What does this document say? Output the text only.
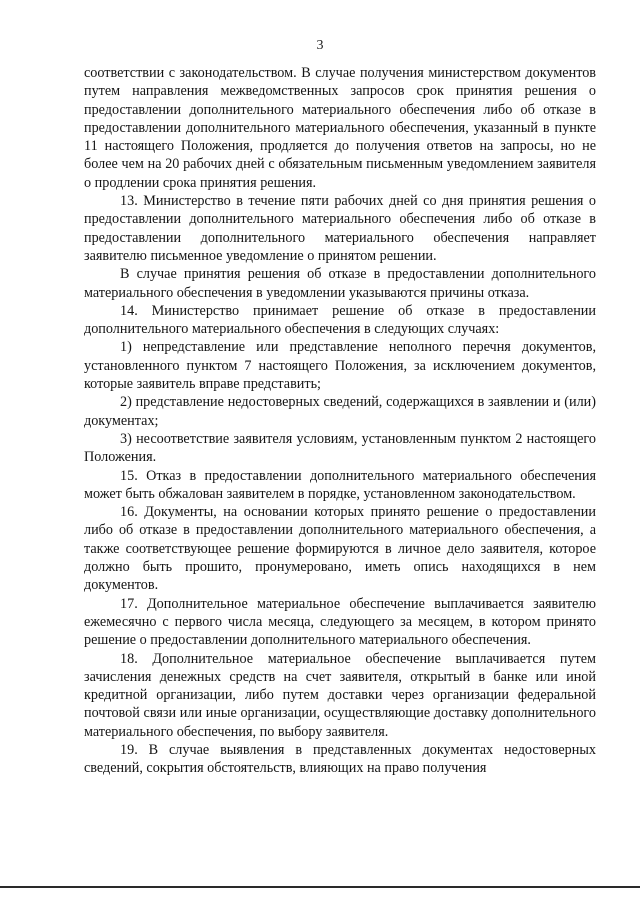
3

соответствии с законодательством. В случае получения министерством документов путем направления межведомственных запросов срок принятия решения о предоставлении дополнительного материального обеспечения либо об отказе в предоставлении дополнительного материального обеспечения, указанный в пункте 11 настоящего Положения, продляется до получения ответов на запросы, но не более чем на 20 рабочих дней с обязательным письменным уведомлением заявителя о продлении срока принятия решения.

13. Министерство в течение пяти рабочих дней со дня принятия решения о предоставлении дополнительного материального обеспечения либо об отказе в предоставлении дополнительного материального обеспечения направляет заявителю письменное уведомление о принятом решении.

В случае принятия решения об отказе в предоставлении дополнительного материального обеспечения в уведомлении указываются причины отказа.

14. Министерство принимает решение об отказе в предоставлении дополнительного материального обеспечения в следующих случаях:

1) непредставление или представление неполного перечня документов, установленного пунктом 7 настоящего Положения, за исключением документов, которые заявитель вправе представить;

2) представление недостоверных сведений, содержащихся в заявлении и (или) документах;

3) несоответствие заявителя условиям, установленным пунктом 2 настоящего Положения.

15. Отказ в предоставлении дополнительного материального обеспечения может быть обжалован заявителем в порядке, установленном законодательством.

16. Документы, на основании которых принято решение о предоставлении либо об отказе в предоставлении дополнительного материального обеспечения, а также соответствующее решение формируются в личное дело заявителя, которое должно быть прошито, пронумеровано, иметь опись находящихся в нем документов.

17. Дополнительное материальное обеспечение выплачивается заявителю ежемесячно с первого числа месяца, следующего за месяцем, в котором принято решение о предоставлении дополнительного материального обеспечения.

18. Дополнительное материальное обеспечение выплачивается путем зачисления денежных средств на счет заявителя, открытый в банке или иной кредитной организации, либо путем доставки через организации федеральной почтовой связи или иные организации, осуществляющие доставку дополнительного материального обеспечения, по выбору заявителя.

19. В случае выявления в представленных документах недостоверных сведений, сокрытия обстоятельств, влияющих на право получения
